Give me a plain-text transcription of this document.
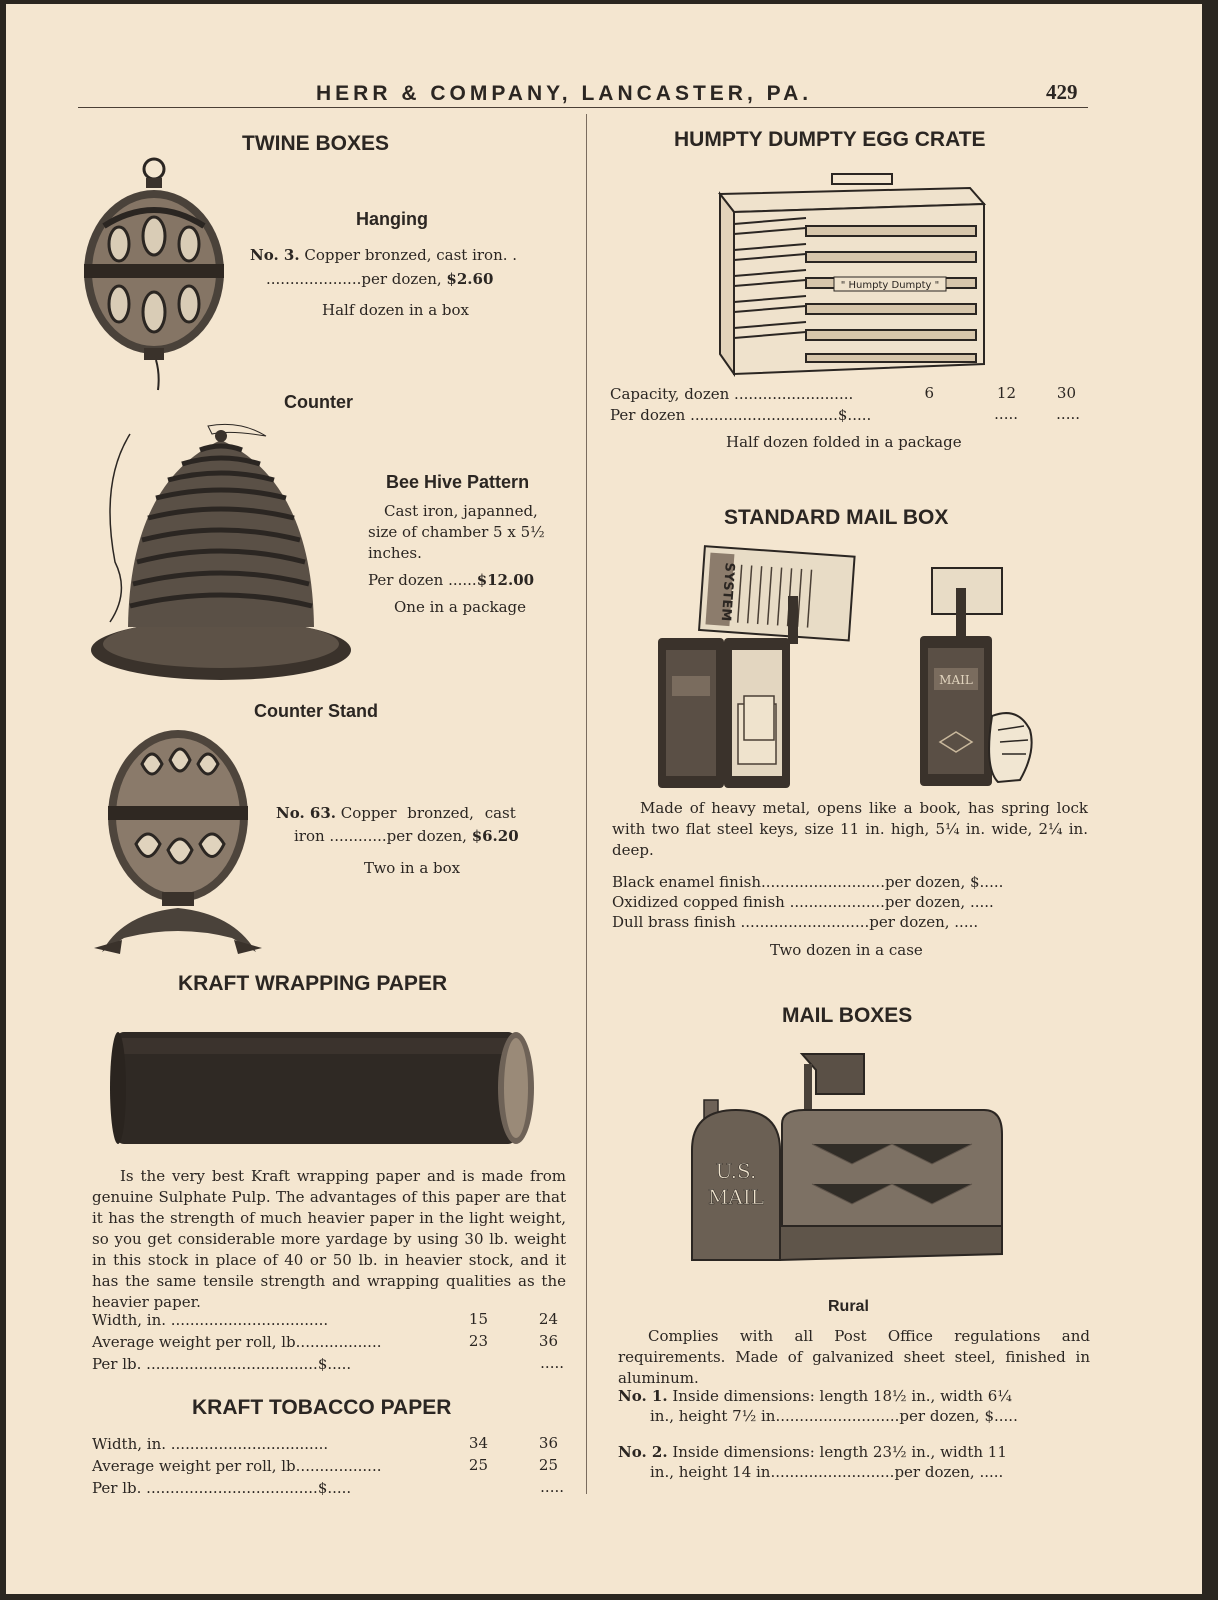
HERR & COMPANY, LANCASTER, PA.	429
TWINE BOXES
Hanging
No. 3. Copper bronzed, cast iron. .
....................per dozen, $2.60
Half dozen in a box
Counter
Bee Hive Pattern
Cast iron, japanned,
size of chamber 5 x 5½
inches.
Per dozen ......$12.00
One in a package
Counter Stand
No. 63. Copper bronzed, cast
iron ............per dozen, $6.20
Two in a box
KRAFT WRAPPING PAPER
Is the very best Kraft wrapping paper and is made from genuine Sulphate Pulp. The advantages of this paper are that it has the strength of much heavier paper in the light weight, so you get considerable more yardage by using 30 lb. weight in this stock in place of 40 or 50 lb. in heavier stock, and it has the same tensile strength and wrapping qualities as the heavier paper.
Width, in. .................................	15	24
Average weight per roll, lb..................	23	36
Per lb. ....................................$.....	.....
KRAFT TOBACCO PAPER
Width, in. .................................	34	36
Average weight per roll, lb..................	25	25
Per lb. ....................................$.....	.....
HUMPTY DUMPTY EGG CRATE
" Humpty Dumpty "
Capacity, dozen .........................	6	12	30
Per dozen ...............................$.....	.....	.....
Half dozen folded in a package
STANDARD MAIL BOX
SYSTEM
MAIL
Made of heavy metal, opens like a book, has spring lock with two flat steel keys, size 11 in. high, 5¼ in. wide, 2¼ in. deep.
Black enamel finish..........................per dozen, $.....
Oxidized copped finish ....................per dozen, .....
Dull brass finish ...........................per dozen, .....
Two dozen in a case
MAIL BOXES
U.S.
MAIL
Rural
Complies with all Post Office regulations and requirements. Made of galvanized sheet steel, finished in aluminum.
No. 1. Inside dimensions: length 18½ in., width 6¼
in., height 7½ in..........................per dozen, $.....
No. 2. Inside dimensions: length 23½ in., width 11
in., height 14 in..........................per dozen, .....
